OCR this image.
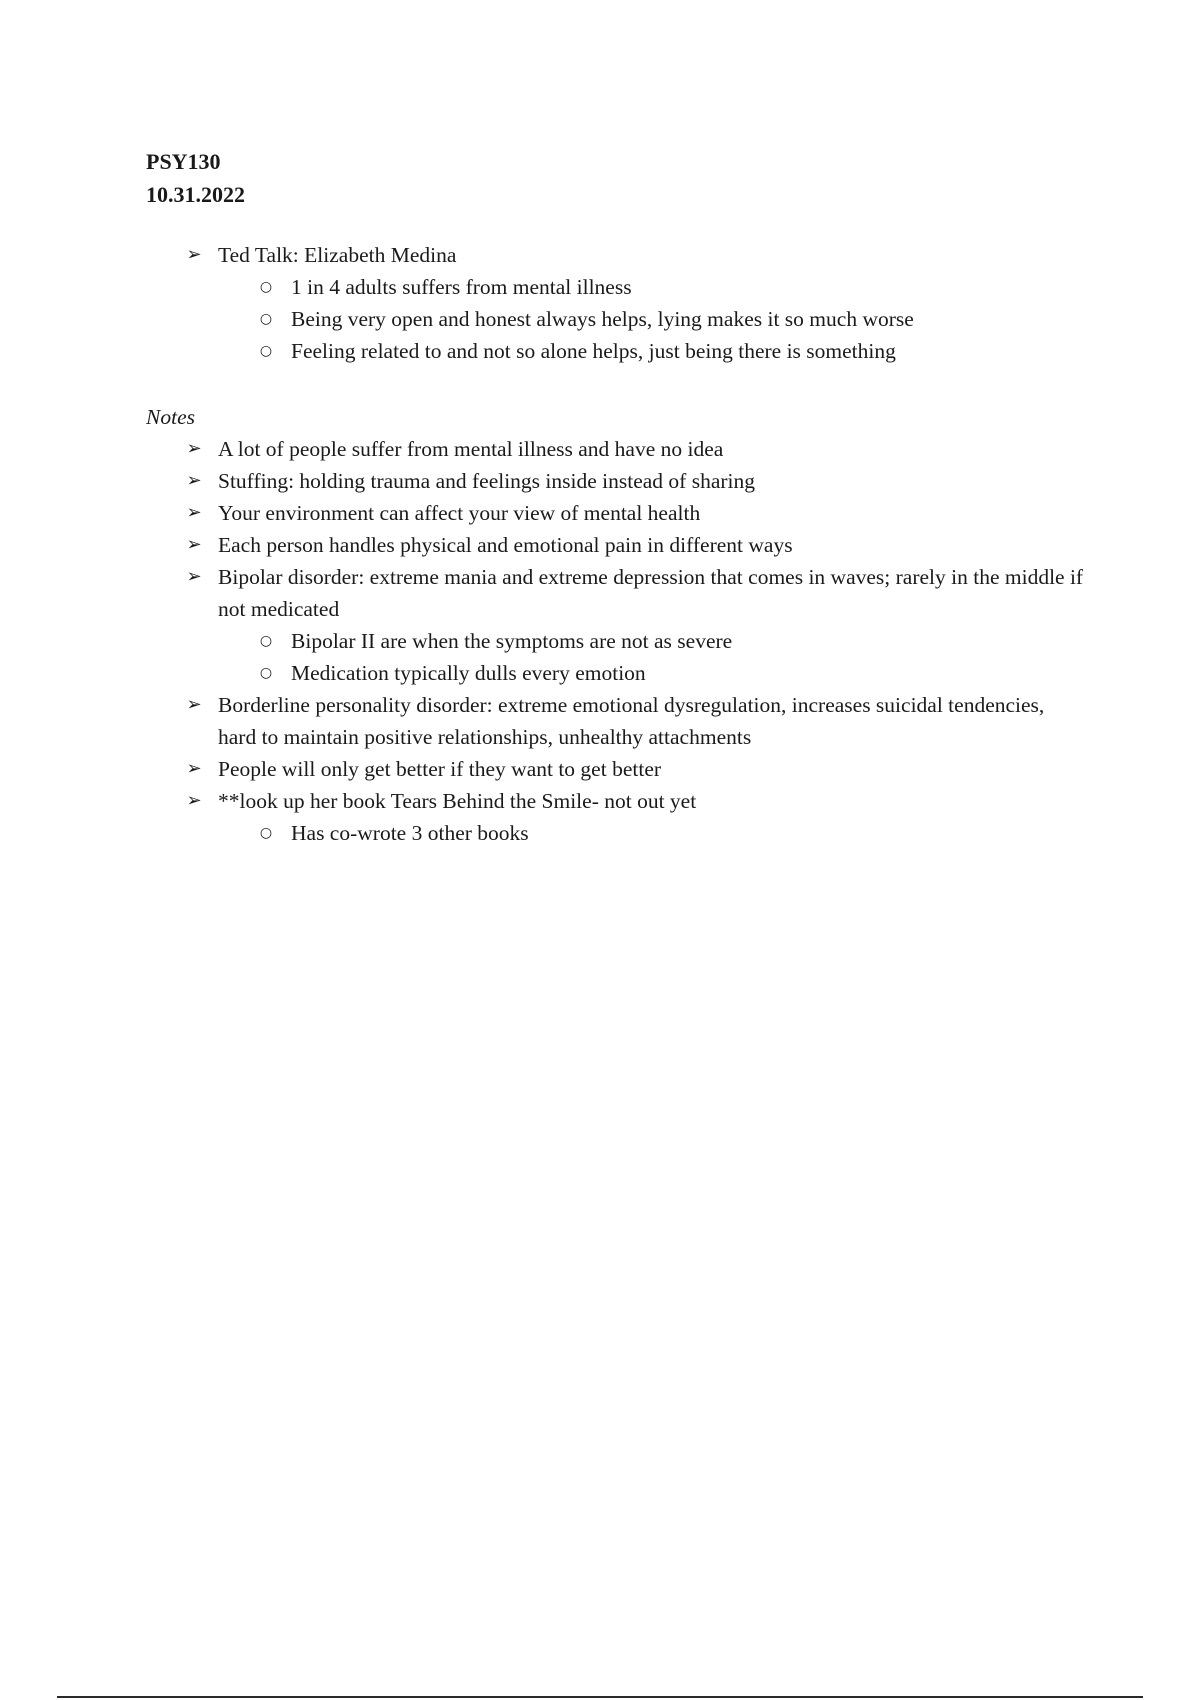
PSY130
10.31.2022
➢ Ted Talk: Elizabeth Medina
○ 1 in 4 adults suffers from mental illness
○ Being very open and honest always helps, lying makes it so much worse
○ Feeling related to and not so alone helps, just being there is something
Notes
➢ A lot of people suffer from mental illness and have no idea
➢ Stuffing: holding trauma and feelings inside instead of sharing
➢ Your environment can affect your view of mental health
➢ Each person handles physical and emotional pain in different ways
➢ Bipolar disorder: extreme mania and extreme depression that comes in waves; rarely in the middle if not medicated
○ Bipolar II are when the symptoms are not as severe
○ Medication typically dulls every emotion
➢ Borderline personality disorder: extreme emotional dysregulation, increases suicidal tendencies, hard to maintain positive relationships, unhealthy attachments
➢ People will only get better if they want to get better
➢ **look up her book Tears Behind the Smile- not out yet
○ Has co-wrote 3 other books
